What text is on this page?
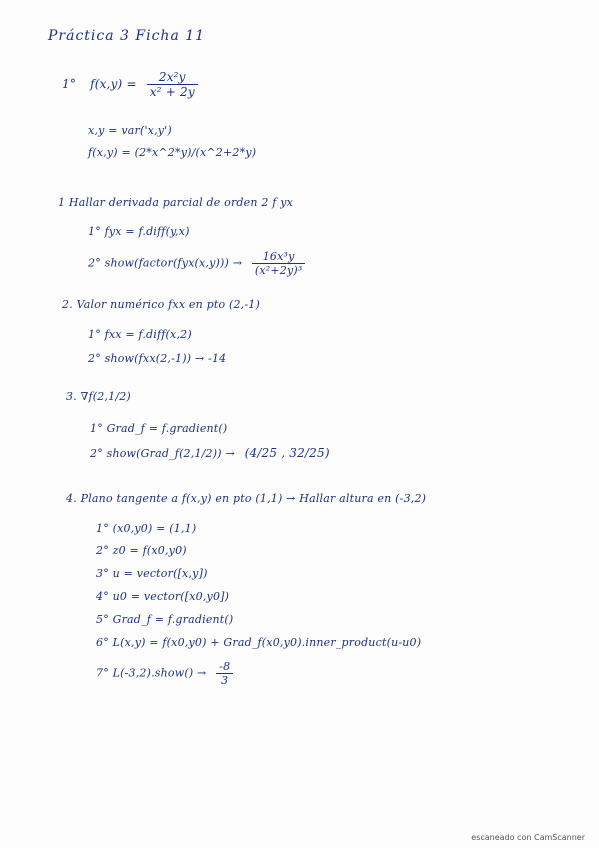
Práctica 3 Ficha 11
1° $f(x,y) = \frac{\text{2x²y}}{\text{x² + 2y}}$
x,y = var('x,y')
f(x,y) = (2*x^2*y)/(x^2+2*y)
1 Hallar derivada parcial de orden 2 f yx
1° fyx = f.diff(y,x)
2° show(factor(fyx(x,y))) → $\frac{\text{16x³y}}{\text{(x²+2y)³}}$
2. Valor numérico fxx en pto (2,-1)
1° fxx = f.diff(x,2)
2° show(fxx(2,-1)) → -14
3. ∇f(2,1/2)
1° Grad_f = f.gradient()
2° show(Grad_f(2,1/2)) → (4/25 , 32/25)
4. Plano tangente a f(x,y) en pto (1,1) → Hallar altura en (-3,2)
1° (x0,y0) = (1,1)
2° z0 = f(x0,y0)
3° u = vector([x,y])
4° u0 = vector([x0,y0])
5° Grad_f = f.gradient()
6° L(x,y) = f(x0,y0) + Grad_f(x0,y0).inner_product(u-u0)
7° L(-3,2).show() → $\frac{-8}{3}$
escaneado con CamScanner
